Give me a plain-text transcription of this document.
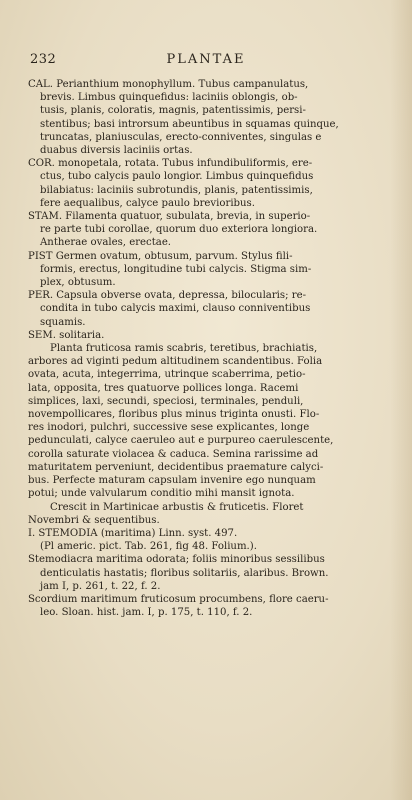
232	PLANTAE
CAL. Perianthium monophyllum. Tubus campanulatus,
brevis. Limbus quinquefidus: laciniis oblongis, ob-
tusis, planis, coloratis, magnis, patentissimis, persi-
stentibus; basi introrsum abeuntibus in squamas quinque,
truncatas, planiusculas, erecto-conniventes, singulas e
duabus diversis laciniis ortas.
COR. monopetala, rotata. Tubus infundibuliformis, ere-
ctus, tubo calycis paulo longior. Limbus quinquefidus
bilabiatus: laciniis subrotundis, planis, patentissimis,
fere aequalibus, calyce paulo brevioribus.
STAM. Filamenta quatuor, subulata, brevia, in superio-
re parte tubi corollae, quorum duo exteriora longiora.
Antherae ovales, erectae.
PIST Germen ovatum, obtusum, parvum. Stylus fili-
formis, erectus, longitudine tubi calycis. Stigma sim-
plex, obtusum.
PER. Capsula obverse ovata, depressa, bilocularis; re-
condita in tubo calycis maximi, clauso conniventibus
squamis.
SEM. solitaria.
Planta fruticosa ramis scabris, teretibus, brachiatis,
arbores ad viginti pedum altitudinem scandentibus. Folia
ovata, acuta, integerrima, utrinque scaberrima, petio-
lata, opposita, tres quatuorve pollices longa. Racemi
simplices, laxi, secundi, speciosi, terminales, penduli,
novempollicares, floribus plus minus triginta onusti. Flo-
res inodori, pulchri, successive sese explicantes, longe
pedunculati, calyce caeruleo aut e purpureo caerulescente,
corolla saturate violacea & caduca. Semina rarissime ad
maturitatem perveniunt, decidentibus praemature calyci-
bus. Perfecte maturam capsulam invenire ego nunquam
potui; unde valvularum conditio mihi mansit ignota.
Crescit in Martinicae arbustis & fruticetis. Floret
Novembri & sequentibus.
I. STEMODIA (maritima) Linn. syst. 497.
(Pl americ. pict. Tab. 261, fig 48. Folium.).
Stemodiacra maritima odorata; foliis minoribus sessilibus
denticulatis hastatis; floribus solitariis, alaribus. Brown.
jam I, p. 261, t. 22, f. 2.
Scordium maritimum fruticosum procumbens, flore caeru-
leo. Sloan. hist. jam. I, p. 175, t. 110, f. 2.
